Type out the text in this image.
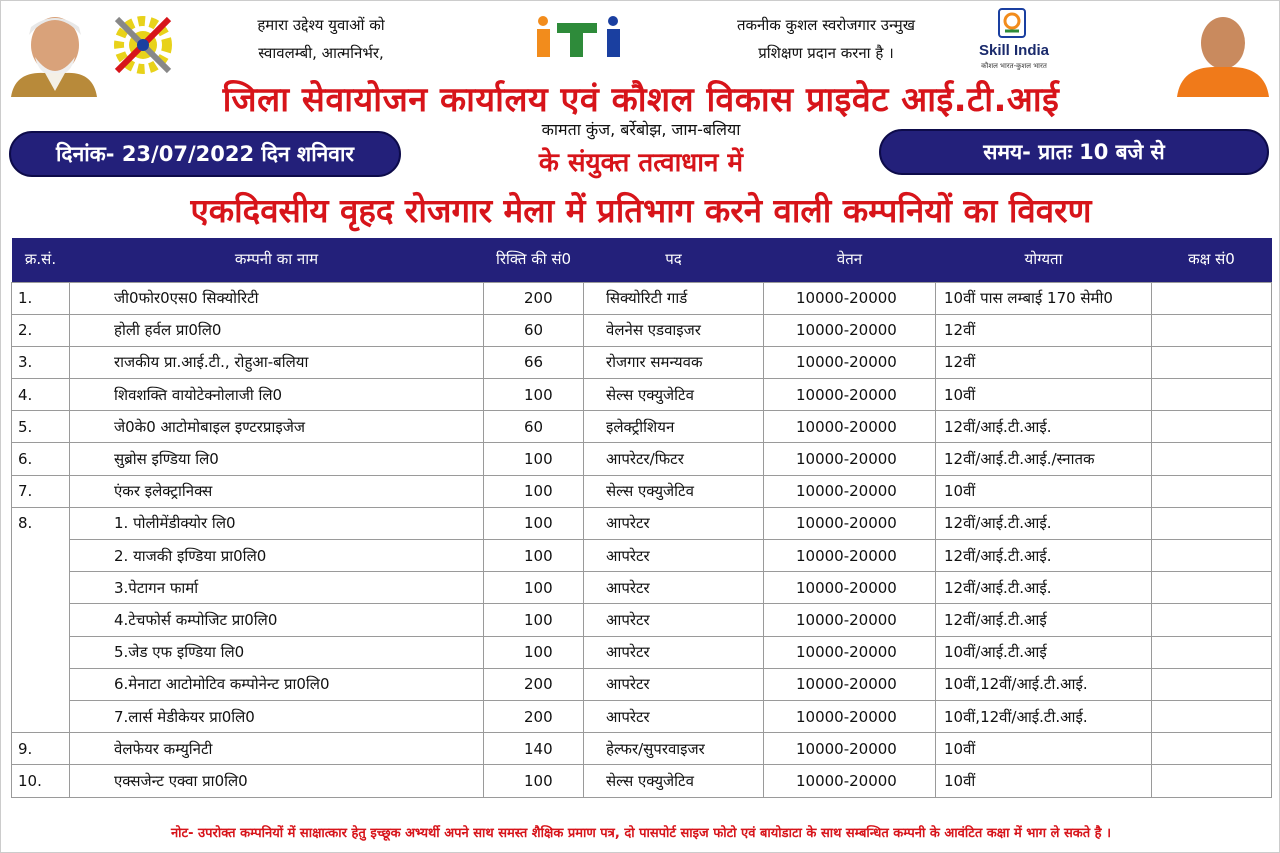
हमारा उद्देश्य युवाओं को
स्वावलम्बी, आत्मनिर्भर,
iti
तकनीक कुशल स्वरोजगार उन्मुख
प्रशिक्षण प्रदान करना है ।	Skill India
कौशल भारत-कुशल भारत
जिला सेवायोजन कार्यालय एवं कौशल विकास प्राइवेट आई.टी.आई
कामता कुंज, बर्रेबोझ, जाम-बलिया
के संयुक्त तत्वाधान में
दिनांक- 23/07/2022 दिन शनिवार	समय- प्रातः 10 बजे से
एकदिवसीय वृहद रोजगार मेला में प्रतिभाग करने वाली कम्पनियों का विवरण
क्र.सं.	कम्पनी का नाम	रिक्ति की सं0	पद	वेतन	योग्यता	कक्ष सं0
1.	जी0फोर0एस0 सिक्योरिटी	200	सिक्योरिटी गार्ड	10000-20000	10वीं पास लम्बाई 170 सेमी0	
2.	होली हर्वल प्रा0लि0	60	वेलनेस एडवाइजर	10000-20000	12वीं	
3.	राजकीय प्रा.आई.टी., रोहुआ-बलिया	66	रोजगार समन्यवक	10000-20000	12वीं	
4.	शिवशक्ति वायोटेक्नोलाजी लि0	100	सेल्स एक्युजेटिव	10000-20000	10वीं	
5.	जे0के0 आटोमोबाइल इण्टरप्राइजेज	60	इलेक्ट्रीशियन	10000-20000	12वीं/आई.टी.आई.	
6.	सुब्रोस इण्डिया लि0	100	आपरेटर/फिटर	10000-20000	12वीं/आई.टी.आई./स्नातक	
7.	एंकर इलेक्ट्रानिक्स	100	सेल्स एक्युजेटिव	10000-20000	10वीं	
8.	1. पोलीमेंडीक्योर लि0	100	आपरेटर	10000-20000	12वीं/आई.टी.आई.	
	2. याजकी इण्डिया प्रा0लि0	100	आपरेटर	10000-20000	12वीं/आई.टी.आई.	
	3.पेटागन फार्मा	100	आपरेटर	10000-20000	12वीं/आई.टी.आई.	
	4.टेचफोर्स कम्पोजिट प्रा0लि0	100	आपरेटर	10000-20000	12वीं/आई.टी.आई	
	5.जेड एफ इण्डिया लि0	100	आपरेटर	10000-20000	10वीं/आई.टी.आई	
	6.मेनाटा आटोमोटिव कम्पोनेन्ट प्रा0लि0	200	आपरेटर	10000-20000	10वीं,12वीं/आई.टी.आई.	
	7.लार्स मेडीकेयर प्रा0लि0	200	आपरेटर	10000-20000	10वीं,12वीं/आई.टी.आई.	
9.	वेलफेयर कम्युनिटी	140	हेल्फर/सुपरवाइजर	10000-20000	10वीं	
10.	एक्सजेन्ट एक्वा प्रा0लि0	100	सेल्स एक्युजेटिव	10000-20000	10वीं	
नोट- उपरोक्त कम्पनियों में साक्षात्कार हेतु इच्छूक अभ्यर्थी अपने साथ समस्त शैक्षिक प्रमाण पत्र, दो पासपोर्ट साइज फोटो एवं बायोडाटा के साथ सम्बन्धित कम्पनी के आवंटित कक्षा में भाग ले सकते है ।
